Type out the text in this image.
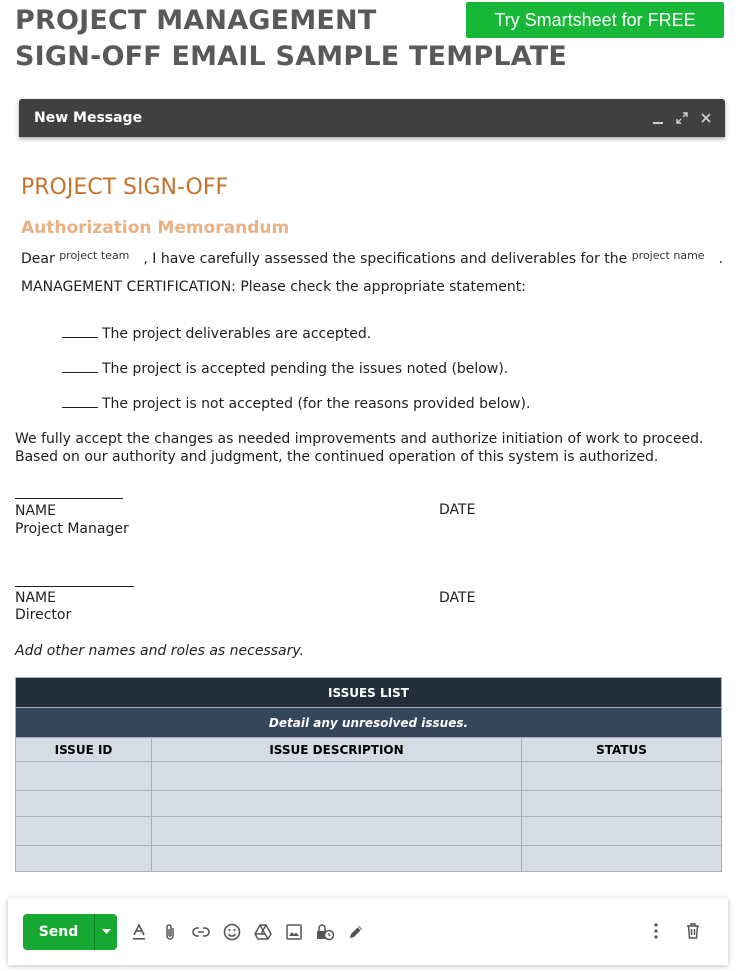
PROJECT MANAGEMENT
SIGN-OFF EMAIL SAMPLE TEMPLATE
Try Smartsheet for FREE
New Message
PROJECT SIGN-OFF
Authorization Memorandum
Dear $^{project team}$ , I have carefully assessed the specifications and deliverables for the $^{project name}$ .
MANAGEMENT CERTIFICATION: Please check the appropriate statement:
The project deliverables are accepted.
The project is accepted pending the issues noted (below).
The project is not accepted (for the reasons provided below).
We fully accept the changes as needed improvements and authorize initiation of work to proceed.
Based on our authority and judgment, the continued operation of this system is authorized.
NAME
Project Manager
DATE
NAME
Director
DATE
Add other names and roles as necessary.
ISSUES LIST		
Detail any unresolved issues.		
ISSUE ID	ISSUE DESCRIPTION	STATUS

Send
